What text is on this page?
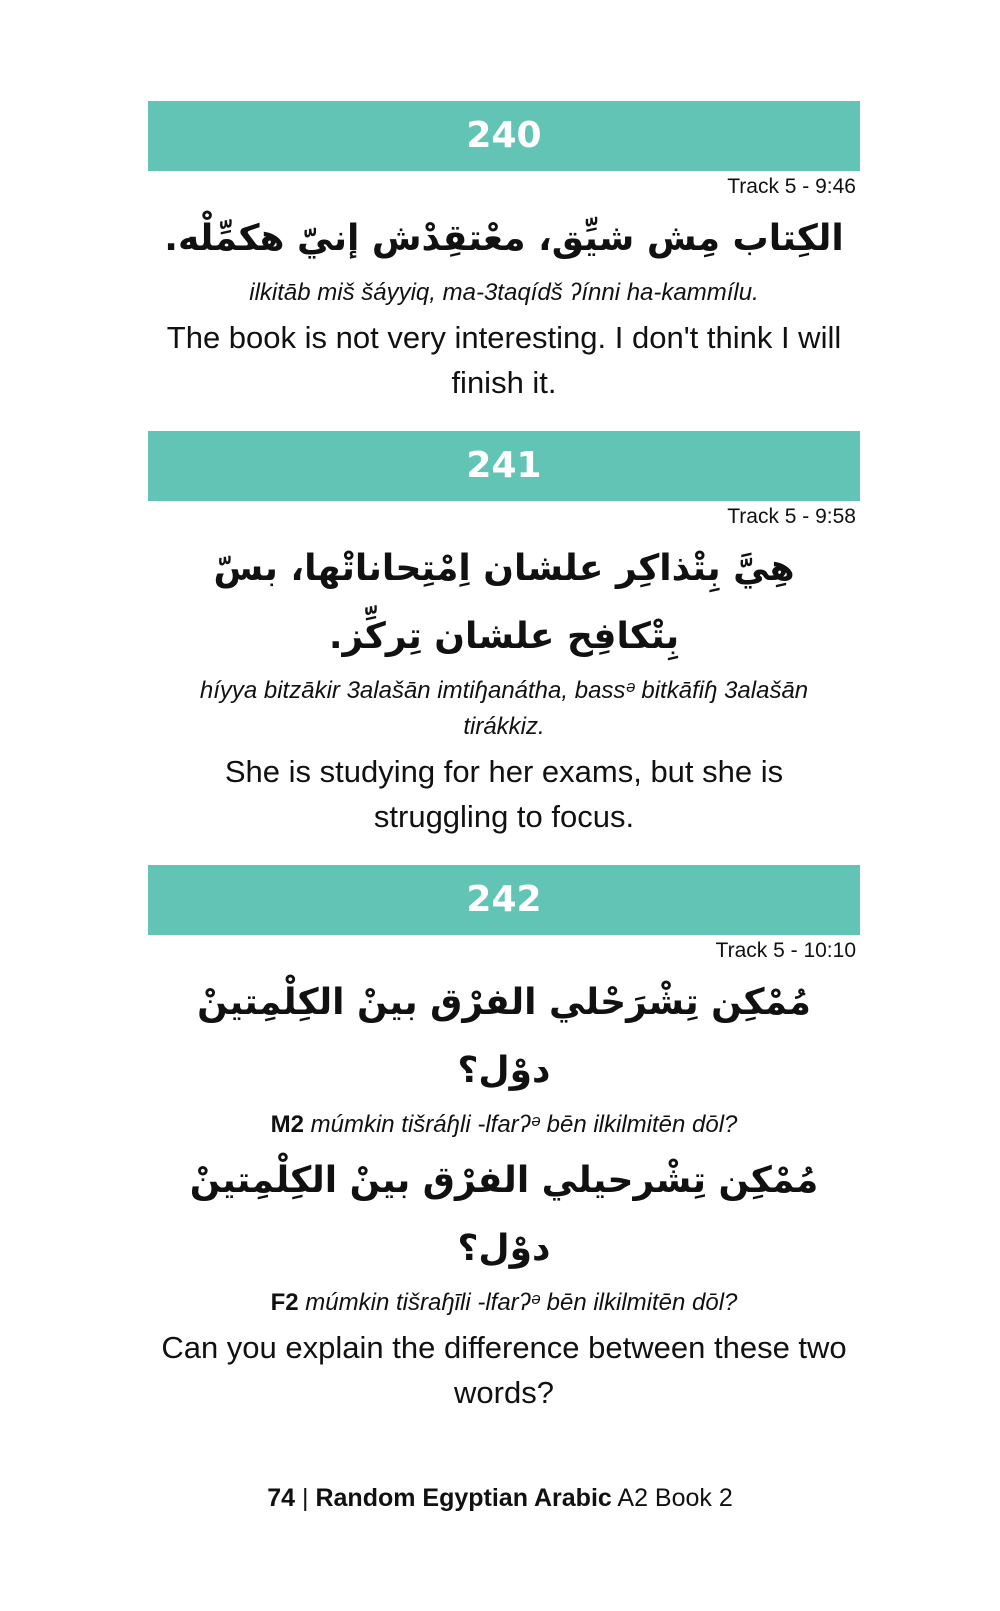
240
Track 5 - 9:46
الكِتاب مِش شيِّق، معْتقِدْش إنيّ هكمِّلْه.
ilkitāb miš šáyyiq, ma-3taqídš ʔínni ha-kammílu.
The book is not very interesting. I don't think I will finish it.
241
Track 5 - 9:58
هِيَّ بِتْذاكِر علشان اِمْتِحاناتْها، بسّ بِتْكافِح علشان تِركِّز.
híyya bitzākir 3alašān imtiɧanátha, bassᵊ bitkāfiɧ 3alašān tirákkiz.
She is studying for her exams, but she is struggling to focus.
242
Track 5 - 10:10
مُمْكِن تِشْرَحْلي الفرْق بينْ الكِلْمِتينْ دوْل؟
M2 múmkin tišráɧli -lfarʔᵊ bēn ilkilmitēn dōl?
مُمْكِن تِشْرحيلي الفرْق بينْ الكِلْمِتينْ دوْل؟
F2 múmkin tišraɧīli -lfarʔᵊ bēn ilkilmitēn dōl?
Can you explain the difference between these two words?
74 | Random Egyptian Arabic A2 Book 2
